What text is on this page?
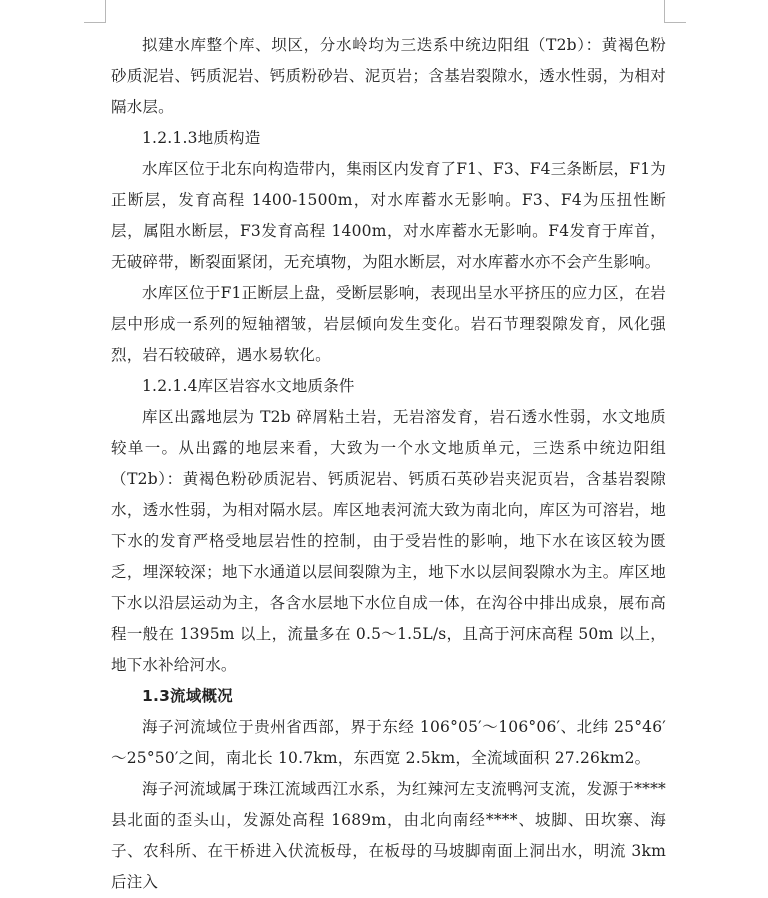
拟建水库整个库、坝区，分水岭均为三迭系中统边阳组（T2b）：黄褐色粉砂质泥岩、钙质泥岩、钙质粉砂岩、泥页岩；含基岩裂隙水，透水性弱，为相对隔水层。

1.2.1.3地质构造

水库区位于北东向构造带内，集雨区内发育了F1、F3、F4三条断层，F1为正断层，发育高程 1400-1500m，对水库蓄水无影响。F3、F4为压扭性断层，属阻水断层，F3发育高程 1400m，对水库蓄水无影响。F4发育于库首，无破碎带，断裂面紧闭，无充填物，为阻水断层，对水库蓄水亦不会产生影响。

水库区位于F1正断层上盘，受断层影响，表现出呈水平挤压的应力区，在岩层中形成一系列的短轴褶皱，岩层倾向发生变化。岩石节理裂隙发育，风化强烈，岩石较破碎，遇水易软化。

1.2.1.4库区岩容水文地质条件

库区出露地层为 T2b 碎屑粘土岩，无岩溶发育，岩石透水性弱，水文地质较单一。从出露的地层来看，大致为一个水文地质单元，三迭系中统边阳组（T2b）：黄褐色粉砂质泥岩、钙质泥岩、钙质石英砂岩夹泥页岩，含基岩裂隙水，透水性弱，为相对隔水层。库区地表河流大致为南北向，库区为可溶岩，地下水的发育严格受地层岩性的控制，由于受岩性的影响，地下水在该区较为匮乏，埋深较深；地下水通道以层间裂隙为主，地下水以层间裂隙水为主。库区地下水以沿层运动为主，各含水层地下水位自成一体，在沟谷中排出成泉，展布高程一般在 1395m 以上，流量多在 0.5～1.5L/s，且高于河床高程 50m 以上，地下水补给河水。

1.3流域概况

海子河流域位于贵州省西部，界于东经 106°05′～106°06′、北纬 25°46′～25°50′之间，南北长 10.7km，东西宽 2.5km，全流域面积 27.26km2。

海子河流域属于珠江流域西江水系，为红辣河左支流鸭河支流，发源于****县北面的歪头山，发源处高程 1689m，由北向南经****、坡脚、田坎寨、海子、农科所、在干桥进入伏流板母，在板母的马坡脚南面上洞出水，明流 3km后注入
